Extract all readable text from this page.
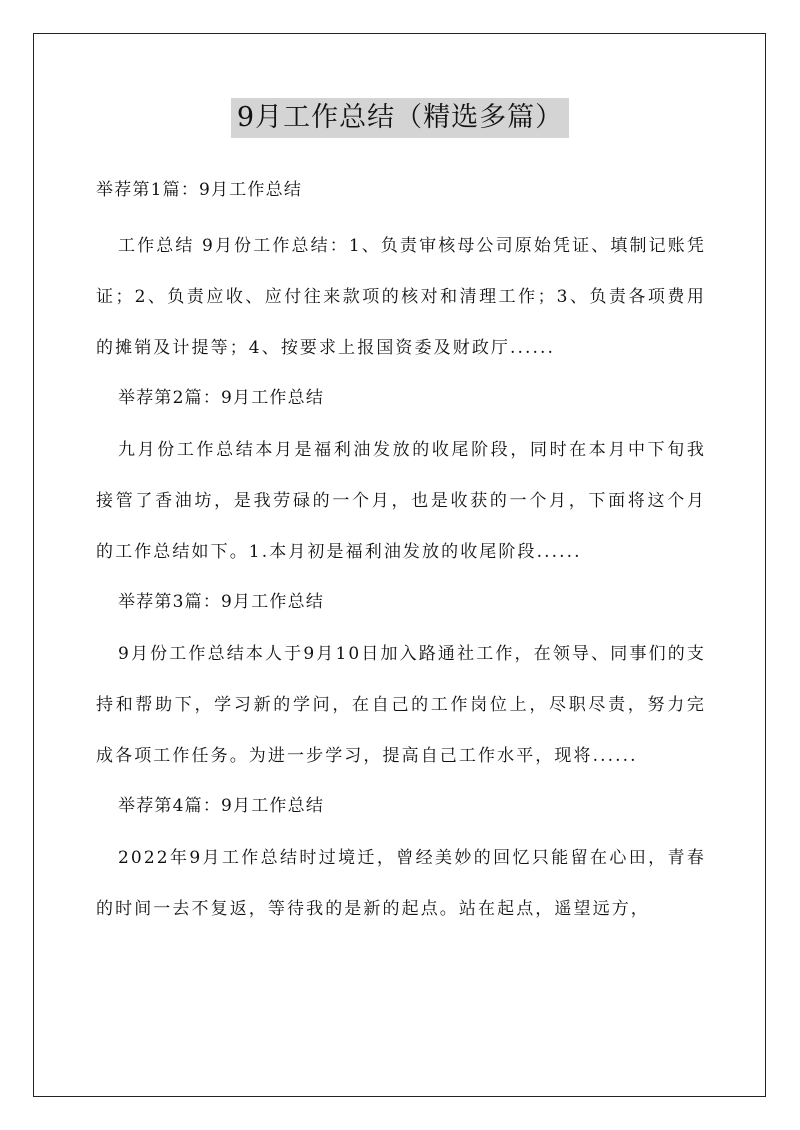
9月工作总结（精选多篇）
举荐第1篇：9月工作总结
工作总结 9月份工作总结：1、负责审核母公司原始凭证、填制记账凭证；2、负责应收、应付往来款项的核对和清理工作；3、负责各项费用的摊销及计提等；4、按要求上报国资委及财政厅......
举荐第2篇：9月工作总结
九月份工作总结本月是福利油发放的收尾阶段，同时在本月中下旬我接管了香油坊，是我劳碌的一个月，也是收获的一个月，下面将这个月的工作总结如下。1.本月初是福利油发放的收尾阶段......
举荐第3篇：9月工作总结
9月份工作总结本人于9月10日加入路通社工作，在领导、同事们的支持和帮助下，学习新的学问，在自己的工作岗位上，尽职尽责，努力完成各项工作任务。为进一步学习，提高自己工作水平，现将......
举荐第4篇：9月工作总结
2022年9月工作总结时过境迁，曾经美妙的回忆只能留在心田，青春的时间一去不复返，等待我的是新的起点。站在起点，遥望远方，
